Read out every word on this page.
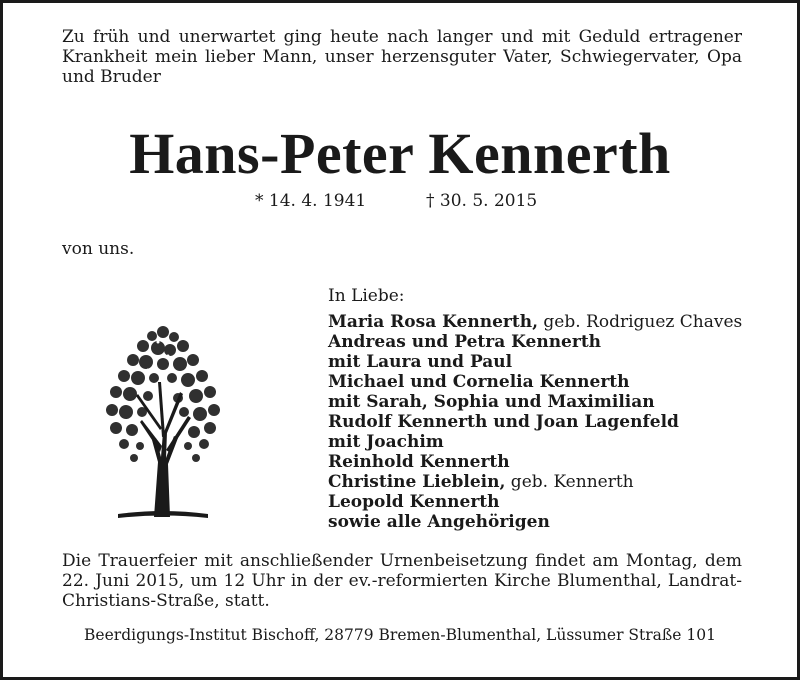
Zu früh und unerwartet ging heute nach langer und mit Geduld ertragener Krankheit mein lieber Mann, unser herzensguter Vater, Schwiegervater, Opa und Bruder
Hans-Peter Kennerth
* 14. 4. 1941	† 30. 5. 2015
von uns.
In Liebe:
Maria Rosa Kennerth, geb. Rodriguez Chaves
Andreas und Petra Kennerth
mit Laura und Paul
Michael und Cornelia Kennerth
mit Sarah, Sophia und Maximilian
Rudolf Kennerth und Joan Lagenfeld
mit Joachim
Reinhold Kennerth
Christine Lieblein, geb. Kennerth
Leopold Kennerth
sowie alle Angehörigen
Die Trauerfeier mit anschließender Urnenbeisetzung findet am Montag, dem 22. Juni 2015, um 12 Uhr in der ev.-reformierten Kirche Blumenthal, Landrat-Christians-Straße, statt.
Beerdigungs-Institut Bischoff, 28779 Bremen-Blumenthal, Lüssumer Straße 101
